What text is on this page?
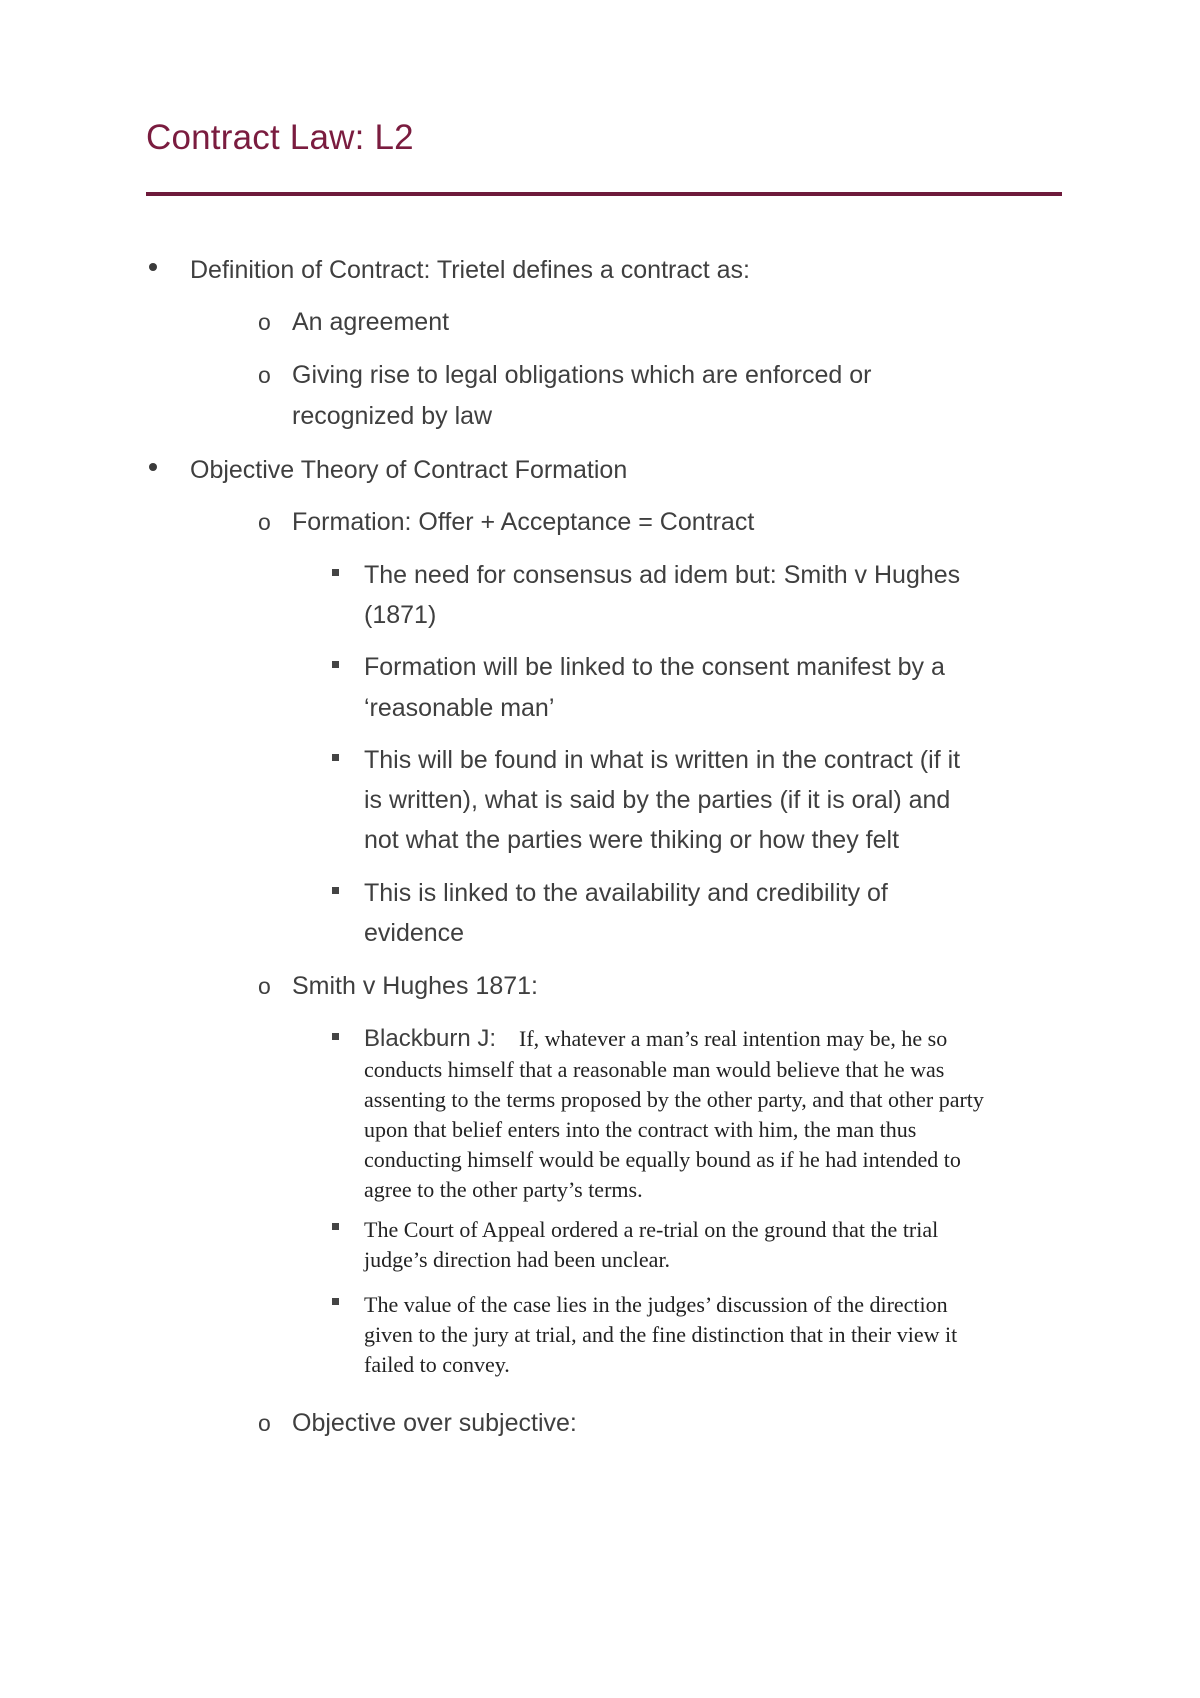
Contract Law: L2
Definition of Contract: Trietel defines a contract as:
o An agreement
o Giving rise to legal obligations which are enforced or
recognized by law
Objective Theory of Contract Formation
o Formation: Offer + Acceptance = Contract
The need for consensus ad idem but: Smith v Hughes
(1871)
Formation will be linked to the consent manifest by a
‘reasonable man’
This will be found in what is written in the contract (if it
is written), what is said by the parties (if it is oral) and
not what the parties were thiking or how they felt
This is linked to the availability and credibility of
evidence
o Smith v Hughes 1871:
Blackburn J: If, whatever a man’s real intention may be, he so
conducts himself that a reasonable man would believe that he was
assenting to the terms proposed by the other party, and that other party
upon that belief enters into the contract with him, the man thus
conducting himself would be equally bound as if he had intended to
agree to the other party’s terms.
The Court of Appeal ordered a re-trial on the ground that the trial
judge’s direction had been unclear.
The value of the case lies in the judges’ discussion of the direction
given to the jury at trial, and the fine distinction that in their view it
failed to convey.
o Objective over subjective:
